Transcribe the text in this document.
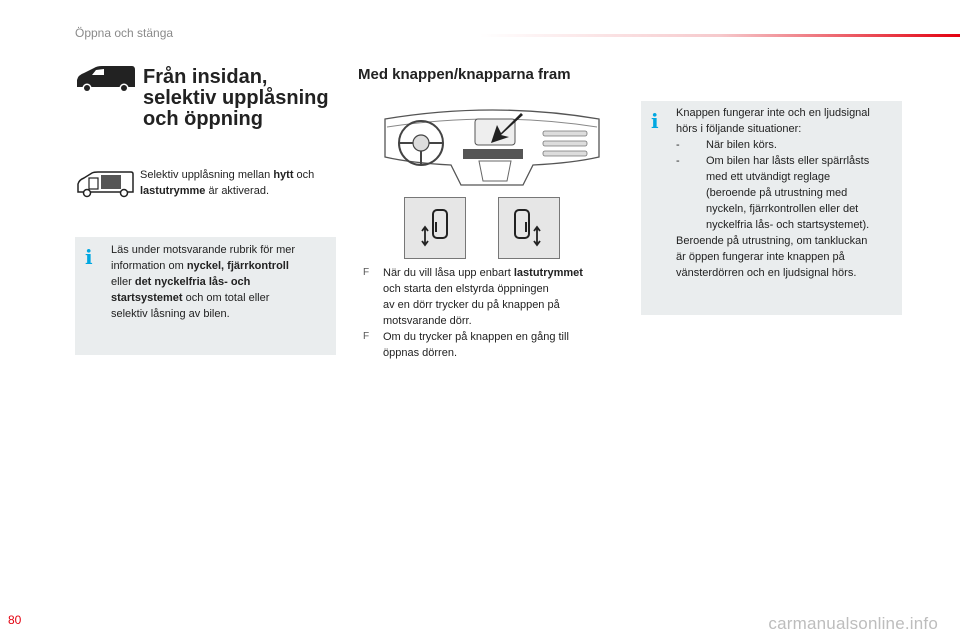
Öppna och stänga
Från insidan,
selektiv upplåsning
och öppning
Selektiv upplåsning mellan hytt och
lastutrymme är aktiverad.
i	Läs under motsvarande rubrik för mer
information om nyckel, fjärrkontroll
eller det nyckelfria lås- och
startsystemet och om total eller
selektiv låsning av bilen.
Med knappen/knapparna fram
F	När du vill låsa upp enbart lastutrymmet
och starta den elstyrda öppningen
av en dörr trycker du på knappen på
motsvarande dörr.
F	Om du trycker på knappen en gång till
öppnas dörren.
i	Knappen fungerar inte och en ljudsignal
hörs i följande situationer:
-	När bilen körs.
-	Om bilen har låsts eller spärrlåsts
med ett utvändigt reglage
(beroende på utrustning med
nyckeln, fjärrkontrollen eller det
nyckelfria lås- och startsystemet).
Beroende på utrustning, om tankluckan
är öppen fungerar inte knappen på
vänsterdörren och en ljudsignal hörs.
80	carmanualsonline.info
